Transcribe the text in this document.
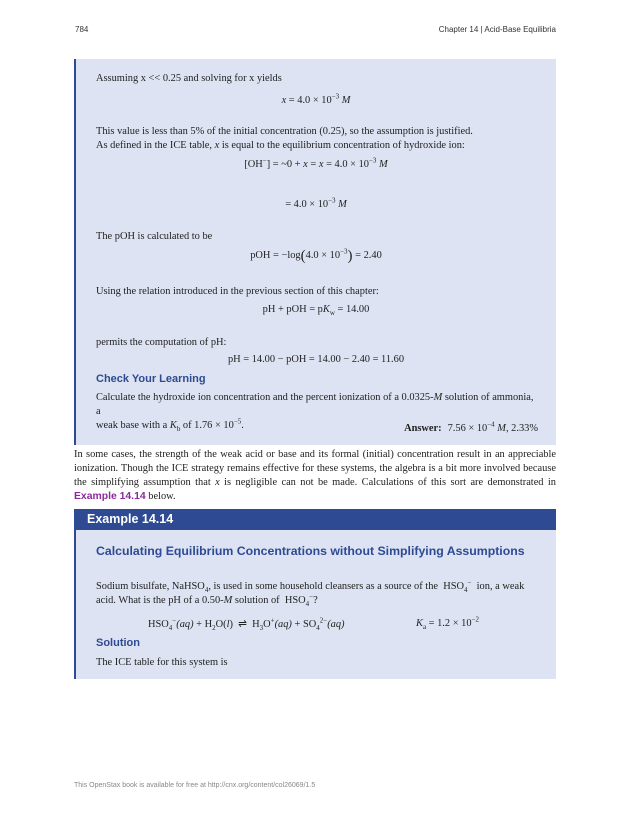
784	Chapter 14 | Acid-Base Equilibria

Assuming x << 0.25 and solving for x yields

$x = 4.0 \times 10^{-3}$ M

This value is less than 5% of the initial concentration (0.25), so the assumption is justified.
As defined in the ICE table, x is equal to the equilibrium concentration of hydroxide ion:

[OH−] = ~0 + $x = x = 4.0 \times 10^{-3}$ M
= $4.0 \times 10^{-3}$ M

The pOH is calculated to be

pOH = $-\log(4.0 \times 10^{-3}) = 2.40$

Using the relation introduced in the previous section of this chapter:

pH + pOH = $pK_w = 14.00$

permits the computation of pH:

pH = 14.00 − pOH = 14.00 − 2.40 = 11.60
Check Your Learning

Calculate the hydroxide ion concentration and the percent ionization of a 0.0325-M solution of ammonia, a
weak base with a $K_b$ of $1.76 \times 10^{-5}$.	Answer: $7.56 \times 10^{-4}$ M, 2.33%

In some cases, the strength of the weak acid or base and its formal (initial) concentration result in an appreciable ionization. Though the ICE strategy remains effective for these systems, the algebra is a bit more involved because the simplifying assumption that x is negligible can not be made. Calculations of this sort are demonstrated in Example 14.14 below.

Example 14.14
Calculating Equilibrium Concentrations without Simplifying Assumptions

Sodium bisulfate, NaHSO$_4$, is used in some household cleansers as a source of the $HSO_4^-$ ion, a weak
acid. What is the pH of a 0.50-M solution of $HSO_4^-$?

$HSO_4^-(aq) + H_2O(l)$ ⇌ $H_3O^+(aq) + SO_4^{2-}(aq)$	$K_a = 1.2 \times 10^{-2}$
Solution

The ICE table for this system is

This OpenStax book is available for free at http://cnx.org/content/col26069/1.5
